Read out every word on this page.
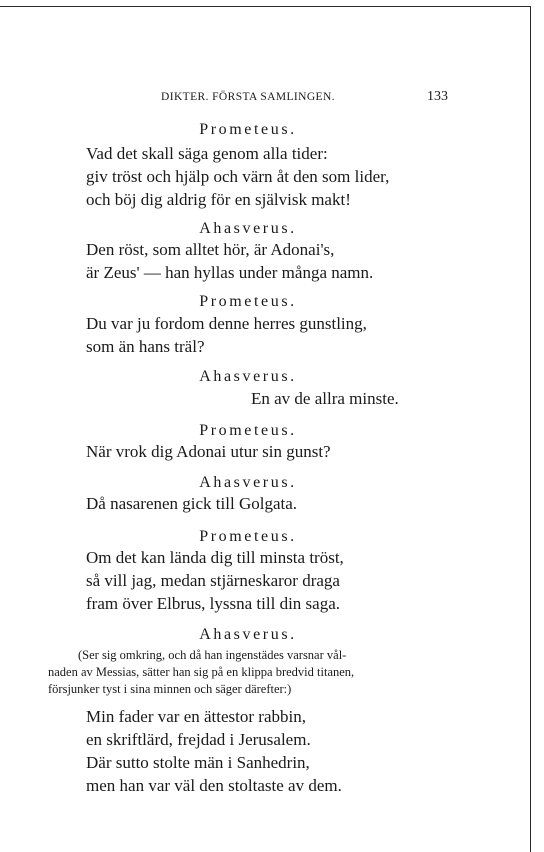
DIKTER. FÖRSTA SAMLINGEN.	133
Prometeus.
Vad det skall säga genom alla tider:
giv tröst och hjälp och värn åt den som lider,
och böj dig aldrig för en självisk makt!
Ahasverus.
Den röst, som alltet hör, är Adonai's,
är Zeus' — han hyllas under många namn.
Prometeus.
Du var ju fordom denne herres gunstling,
som än hans träl?
Ahasverus.
En av de allra minste.
Prometeus.
När vrok dig Adonai utur sin gunst?
Ahasverus.
Då nasarenen gick till Golgata.
Prometeus.
Om det kan lända dig till minsta tröst,
så vill jag, medan stjärneskaror draga
fram över Elbrus, lyssna till din saga.
Ahasverus.
(Ser sig omkring, och då han ingenstädes varsnar vål-
naden av Messias, sätter han sig på en klippa bredvid titanen,
försjunker tyst i sina minnen och säger därefter:)
Min fader var en ättestor rabbin,
en skriftlärd, frejdad i Jerusalem.
Där sutto stolte män i Sanhedrin,
men han var väl den stoltaste av dem.
